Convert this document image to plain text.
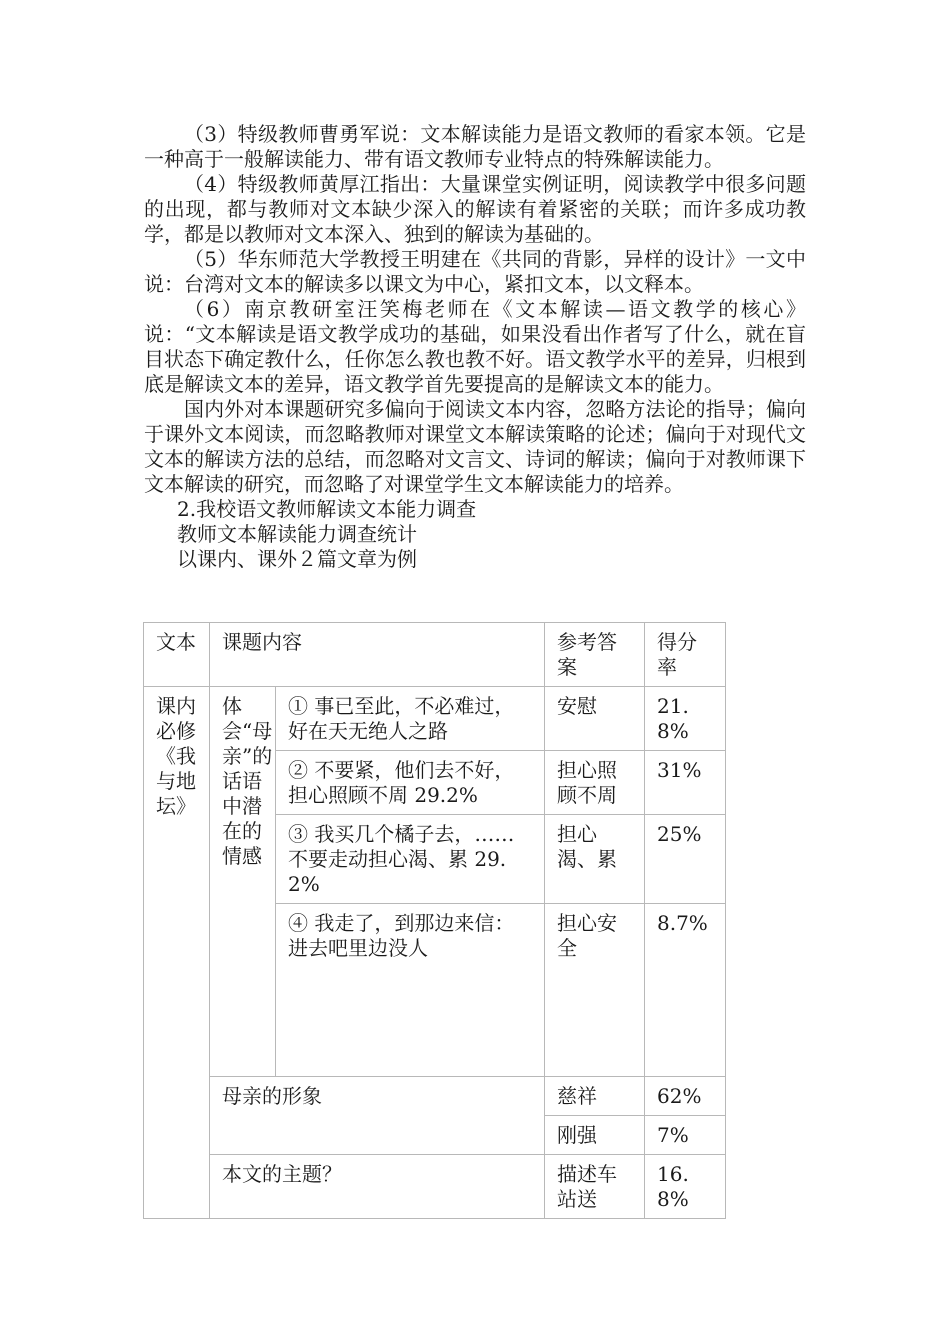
（3）特级教师曹勇军说：文本解读能力是语文教师的看家本领。它是一种高于一般解读能力、带有语文教师专业特点的特殊解读能力。

（4）特级教师黄厚江指出：大量课堂实例证明，阅读教学中很多问题的出现，都与教师对文本缺少深入的解读有着紧密的关联；而许多成功教学，都是以教师对文本深入、独到的解读为基础的。

（5）华东师范大学教授王明建在《共同的背影，异样的设计》一文中说：台湾对文本的解读多以课文为中心，紧扣文本，以文释本。

（6）南京教研室汪笑梅老师在《文本解读—语文教学的核心》说：“文本解读是语文教学成功的基础，如果没看出作者写了什么，就在盲目状态下确定教什么，任你怎么教也教不好。语文教学水平的差异，归根到底是解读文本的差异，语文教学首先要提高的是解读文本的能力。

国内外对本课题研究多偏向于阅读文本内容，忽略方法论的指导；偏向于课外文本阅读，而忽略教师对课堂文本解读策略的论述；偏向于对现代文文本的解读方法的总结，而忽略对文言文、诗词的解读；偏向于对教师课下文本解读的研究，而忽略了对课堂学生文本解读能力的培养。

2.我校语文教师解读文本能力调查

教师文本解读能力调查统计

以课内、课外２篇文章为例

文本	课题内容		参考答案	得分率
课内必修《我与地坛》	体会“母亲”的话语中潜在的情感	① 事已至此，不必难过，好在天无绝人之路	安慰	21.8%
		② 不要紧，他们去不好，担心照顾不周 29.2%	担心照顾不周	31%
		③ 我买几个橘子去，……不要走动担心渴、累 29.2%	担心渴、累	25%
		④ 我走了，到那边来信：进去吧里边没人	担心安全	8.7%
	母亲的形象		慈祥	62%
			刚强	7%
	本文的主题？		描述车站送	16.8%
